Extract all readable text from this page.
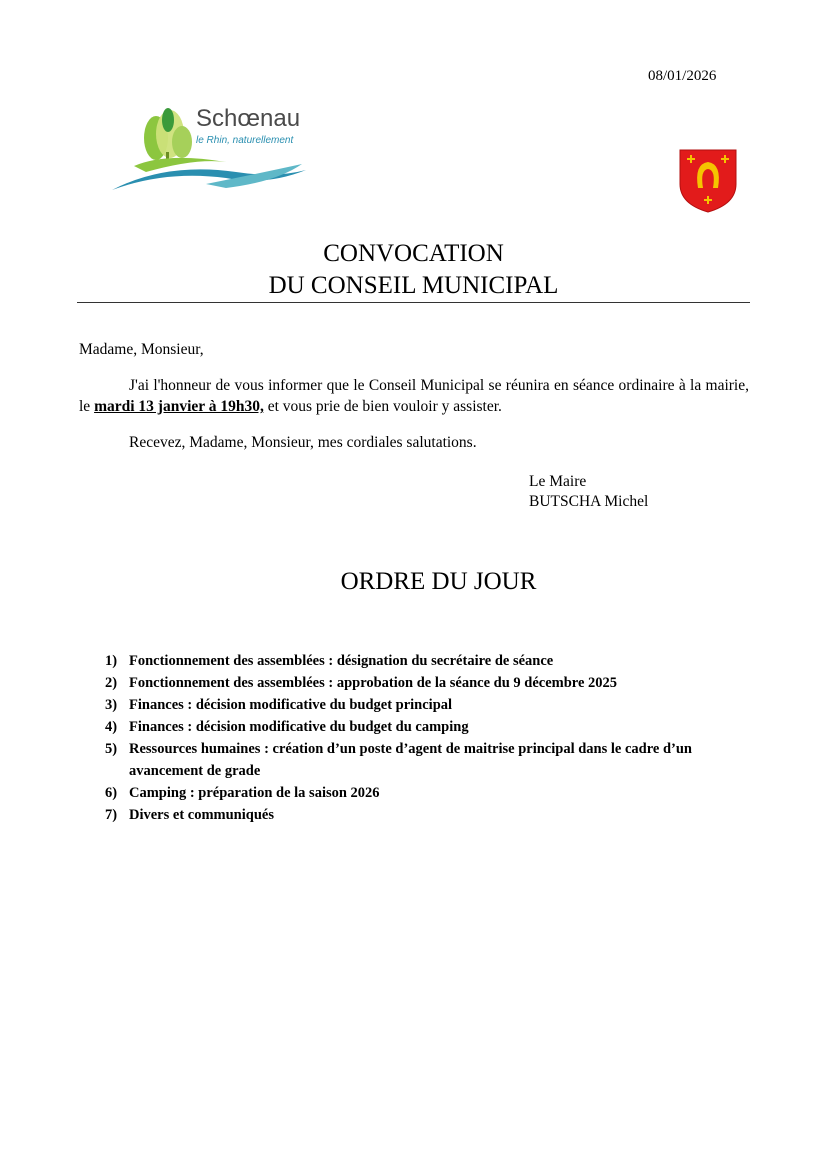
08/01/2026
Schœnau
le Rhin, naturellement
CONVOCATION
DU CONSEIL MUNICIPAL
Madame, Monsieur,
J'ai l'honneur de vous informer que le Conseil Municipal se réunira en séance ordinaire à la mairie, le mardi 13 janvier à 19h30, et vous prie de bien vouloir y assister.
Recevez, Madame, Monsieur, mes cordiales salutations.
Le Maire
BUTSCHA Michel
ORDRE DU JOUR
1) Fonctionnement des assemblées : désignation du secrétaire de séance
2) Fonctionnement des assemblées : approbation de la séance du 9 décembre 2025
3) Finances : décision modificative du budget principal
4) Finances : décision modificative du budget du camping
5) Ressources humaines : création d’un poste d’agent de maitrise principal dans le cadre d’un avancement de grade
6) Camping : préparation de la saison 2026
7) Divers et communiqués
